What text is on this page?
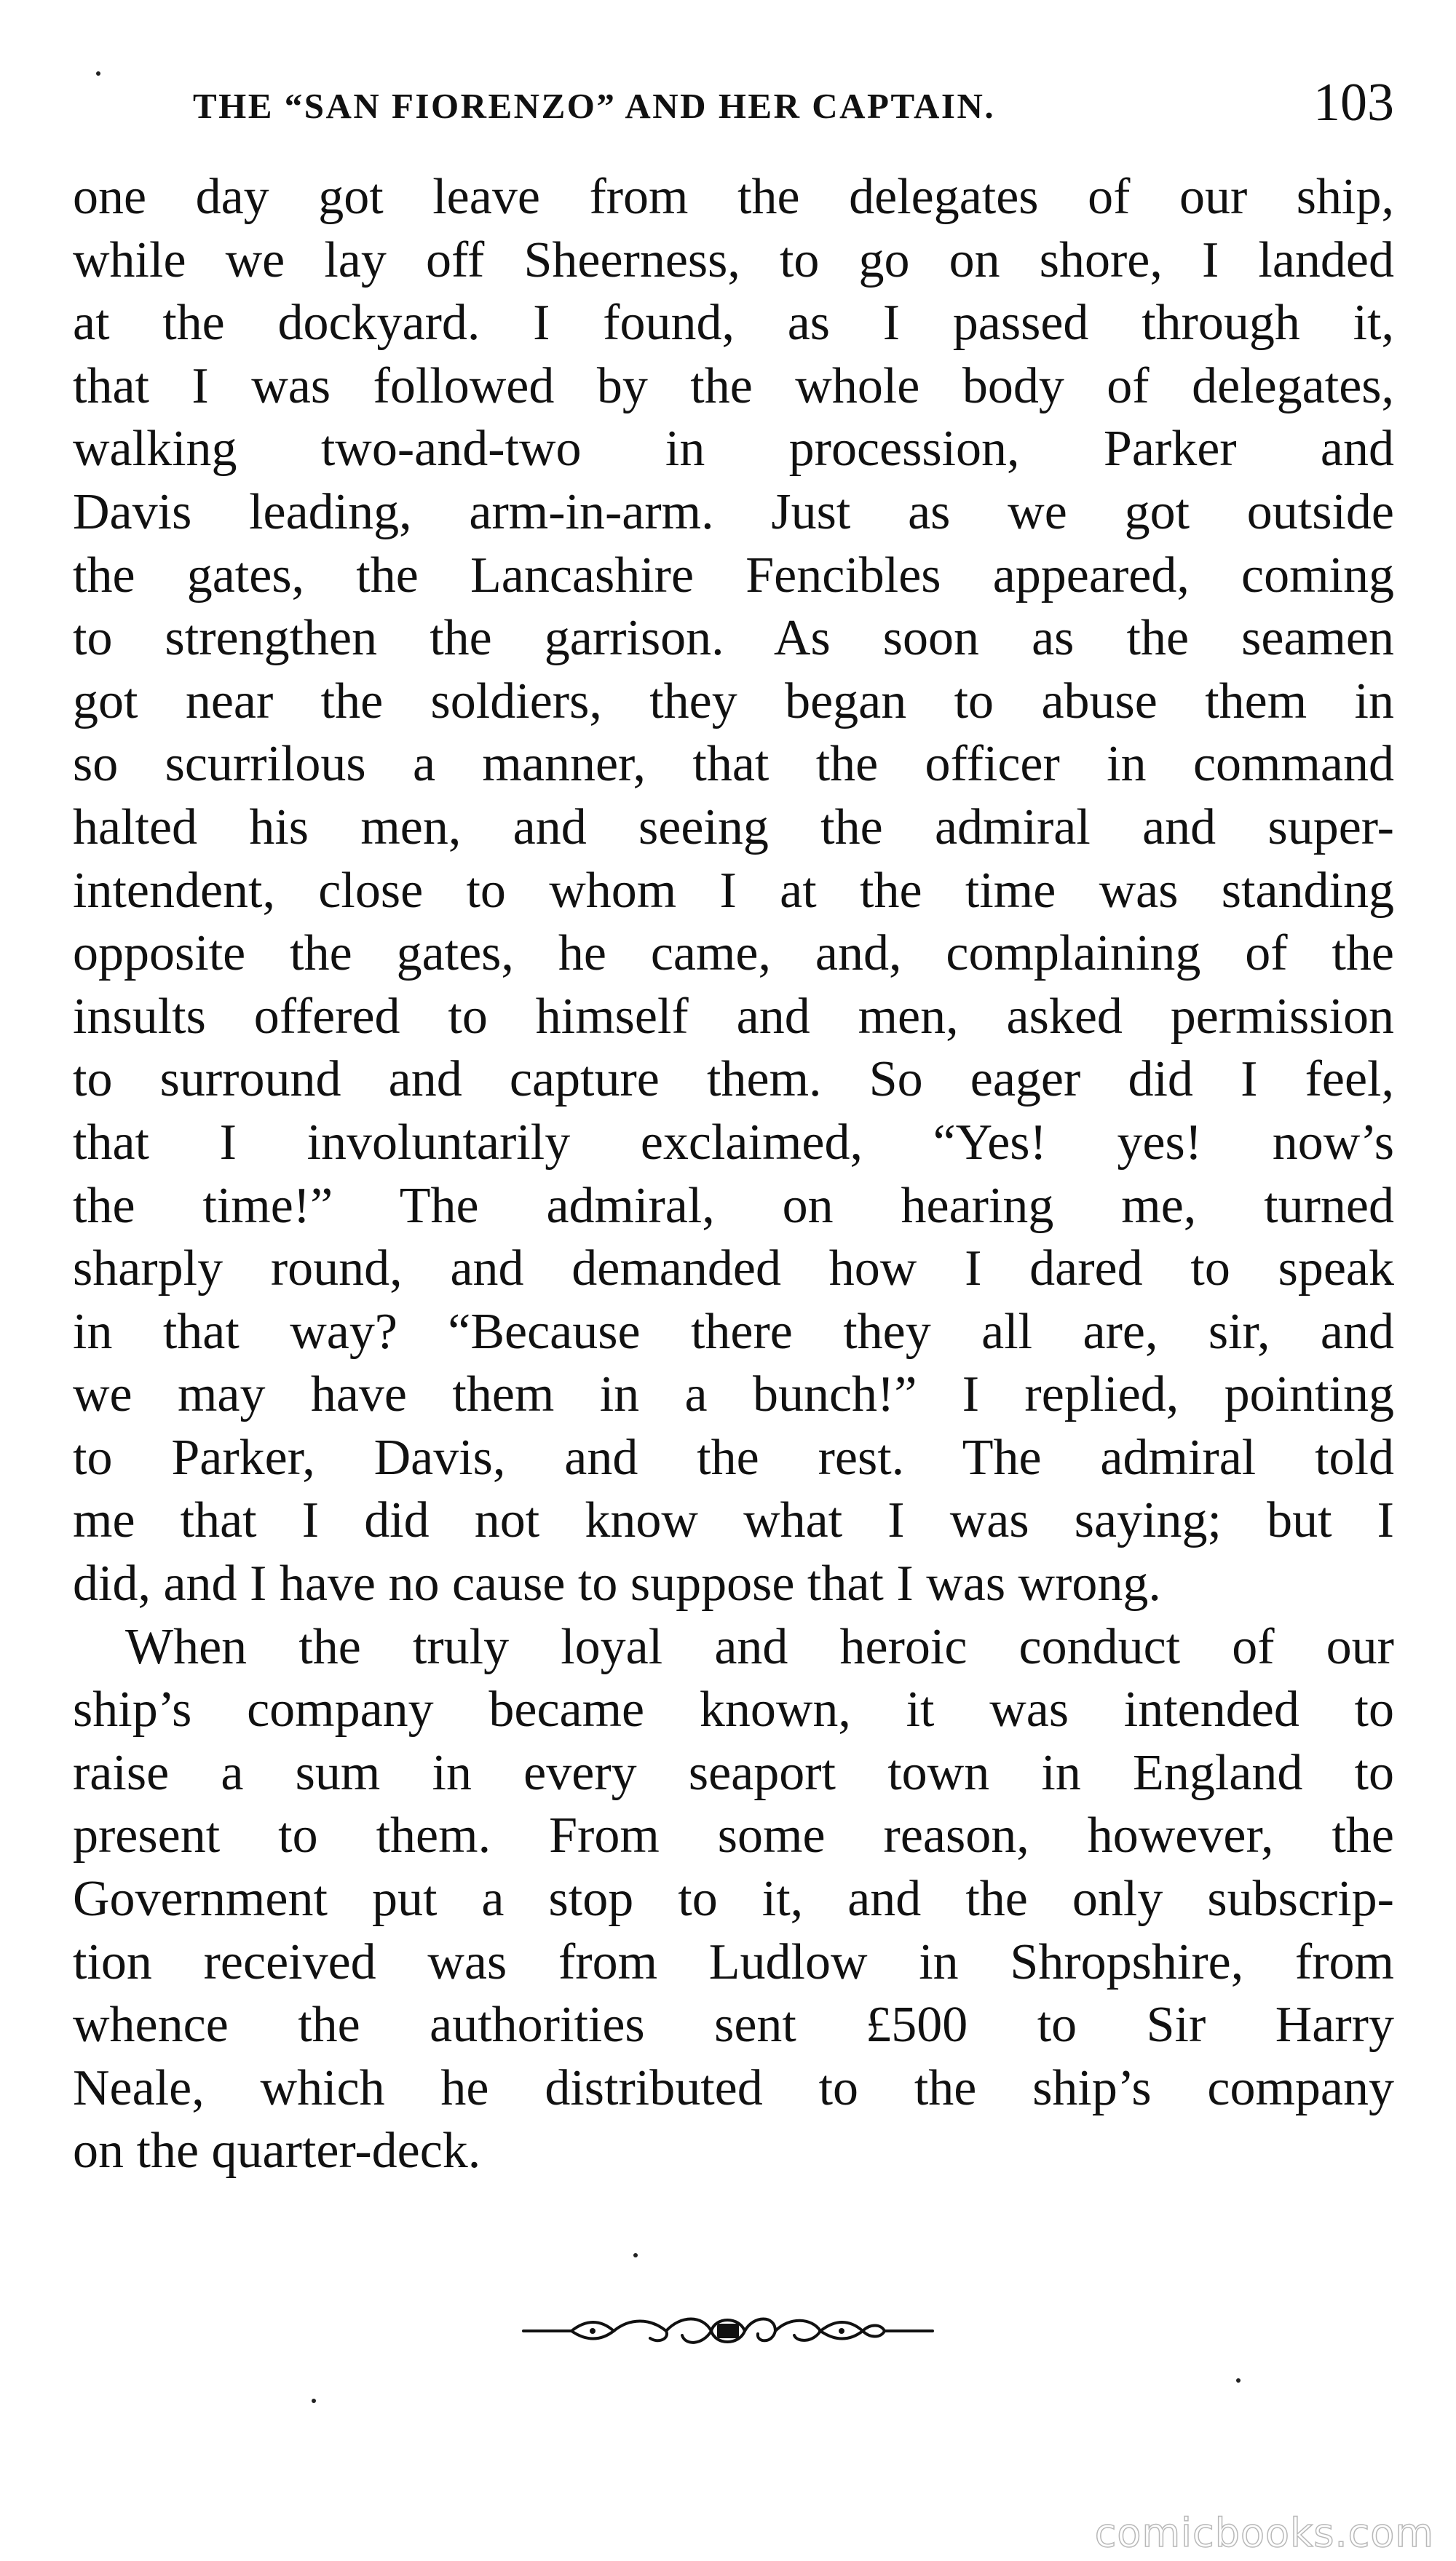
THE “SAN FIORENZO” AND HER CAPTAIN.	103
one day got leave from the delegates of our ship,
while we lay off Sheerness, to go on shore, I landed
at the dockyard. I found, as I passed through it,
that I was followed by the whole body of delegates,
walking two-and-two in procession, Parker and
Davis leading, arm-in-arm. Just as we got outside
the gates, the Lancashire Fencibles appeared, coming
to strengthen the garrison. As soon as the seamen
got near the soldiers, they began to abuse them in
so scurrilous a manner, that the officer in command
halted his men, and seeing the admiral and super-
intendent, close to whom I at the time was standing
opposite the gates, he came, and, complaining of the
insults offered to himself and men, asked permission
to surround and capture them. So eager did I feel,
that I involuntarily exclaimed, “Yes! yes! now’s
the time!” The admiral, on hearing me, turned
sharply round, and demanded how I dared to speak
in that way? “Because there they all are, sir, and
we may have them in a bunch!” I replied, pointing
to Parker, Davis, and the rest. The admiral told
me that I did not know what I was saying; but I
did, and I have no cause to suppose that I was wrong.
When the truly loyal and heroic conduct of our
ship’s company became known, it was intended to
raise a sum in every seaport town in England to
present to them. From some reason, however, the
Government put a stop to it, and the only subscrip-
tion received was from Ludlow in Shropshire, from
whence the authorities sent £500 to Sir Harry
Neale, which he distributed to the ship’s company
on the quarter-deck.
comicbooks.com
